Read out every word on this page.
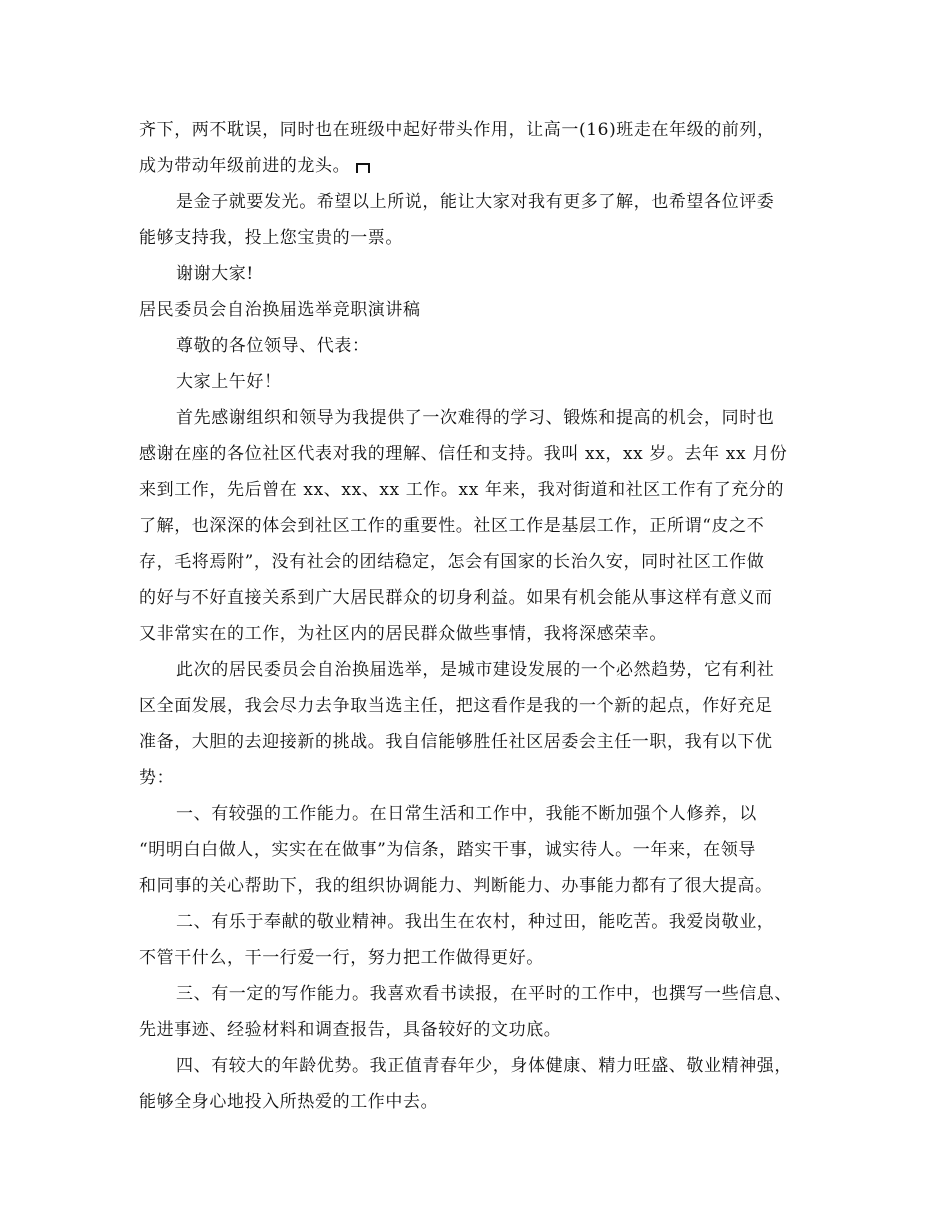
齐下，两不耽误，同时也在班级中起好带头作用，让高一(16)班走在年级的前列，
成为带动年级前进的龙头。
是金子就要发光。希望以上所说，能让大家对我有更多了解，也希望各位评委
能够支持我，投上您宝贵的一票。
谢谢大家!
居民委员会自治换届选举竞职演讲稿
尊敬的各位领导、代表：
大家上午好！
首先感谢组织和领导为我提供了一次难得的学习、锻炼和提高的机会，同时也
感谢在座的各位社区代表对我的理解、信任和支持。我叫 xx，xx 岁。去年 xx 月份
来到工作，先后曾在 xx、xx、xx 工作。xx 年来，我对街道和社区工作有了充分的
了解，也深深的体会到社区工作的重要性。社区工作是基层工作，正所谓“皮之不
存，毛将焉附”，没有社会的团结稳定，怎会有国家的长治久安，同时社区工作做
的好与不好直接关系到广大居民群众的切身利益。如果有机会能从事这样有意义而
又非常实在的工作，为社区内的居民群众做些事情，我将深感荣幸。
此次的居民委员会自治换届选举，是城市建设发展的一个必然趋势，它有利社
区全面发展，我会尽力去争取当选主任，把这看作是我的一个新的起点，作好充足
准备，大胆的去迎接新的挑战。我自信能够胜任社区居委会主任一职，我有以下优
势：
一、有较强的工作能力。在日常生活和工作中，我能不断加强个人修养，以
“明明白白做人，实实在在做事”为信条，踏实干事，诚实待人。一年来，在领导
和同事的关心帮助下，我的组织协调能力、判断能力、办事能力都有了很大提高。
二、有乐于奉献的敬业精神。我出生在农村，种过田，能吃苦。我爱岗敬业，
不管干什么，干一行爱一行，努力把工作做得更好。
三、有一定的写作能力。我喜欢看书读报，在平时的工作中，也撰写一些信息、
先进事迹、经验材料和调查报告，具备较好的文功底。
四、有较大的年龄优势。我正值青春年少，身体健康、精力旺盛、敬业精神强，
能够全身心地投入所热爱的工作中去。
